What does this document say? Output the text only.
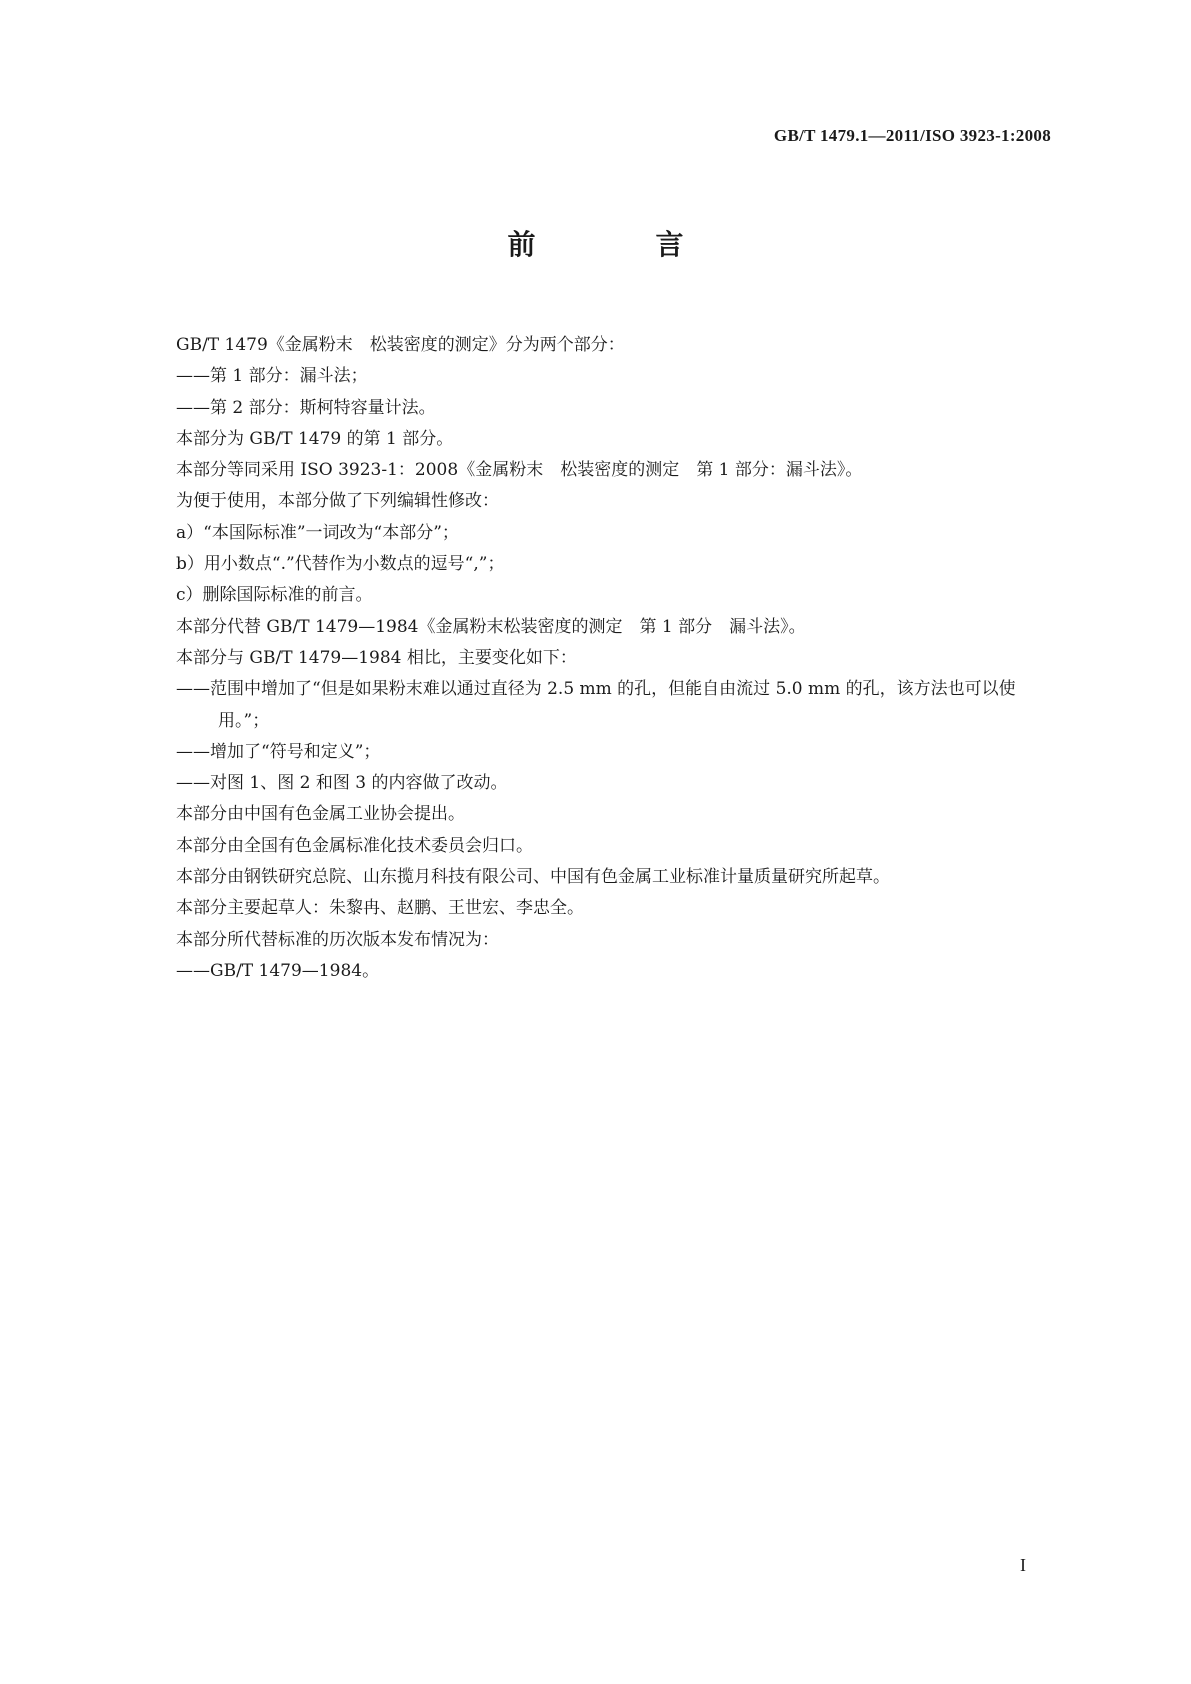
GB/T 1479.1—2011/ISO 3923-1:2008
前　言
GB/T 1479《金属粉末　松装密度的测定》分为两个部分：
——第 1 部分：漏斗法；
——第 2 部分：斯柯特容量计法。
本部分为 GB/T 1479 的第 1 部分。
本部分等同采用 ISO 3923-1：2008《金属粉末　松装密度的测定　第 1 部分：漏斗法》。
为便于使用，本部分做了下列编辑性修改：
a）“本国际标准”一词改为“本部分”；
b）用小数点“.”代替作为小数点的逗号“,”；
c）删除国际标准的前言。
本部分代替 GB/T 1479—1984《金属粉末松装密度的测定　第 1 部分　漏斗法》。
本部分与 GB/T 1479—1984 相比，主要变化如下：
——范围中增加了“但是如果粉末难以通过直径为 2.5 mm 的孔，但能自由流过 5.0 mm 的孔，该方法也可以使用。”；
——增加了“符号和定义”；
——对图 1、图 2 和图 3 的内容做了改动。
本部分由中国有色金属工业协会提出。
本部分由全国有色金属标准化技术委员会归口。
本部分由钢铁研究总院、山东揽月科技有限公司、中国有色金属工业标准计量质量研究所起草。
本部分主要起草人：朱黎冉、赵鹏、王世宏、李忠全。
本部分所代替标准的历次版本发布情况为：
——GB/T 1479—1984。
I
